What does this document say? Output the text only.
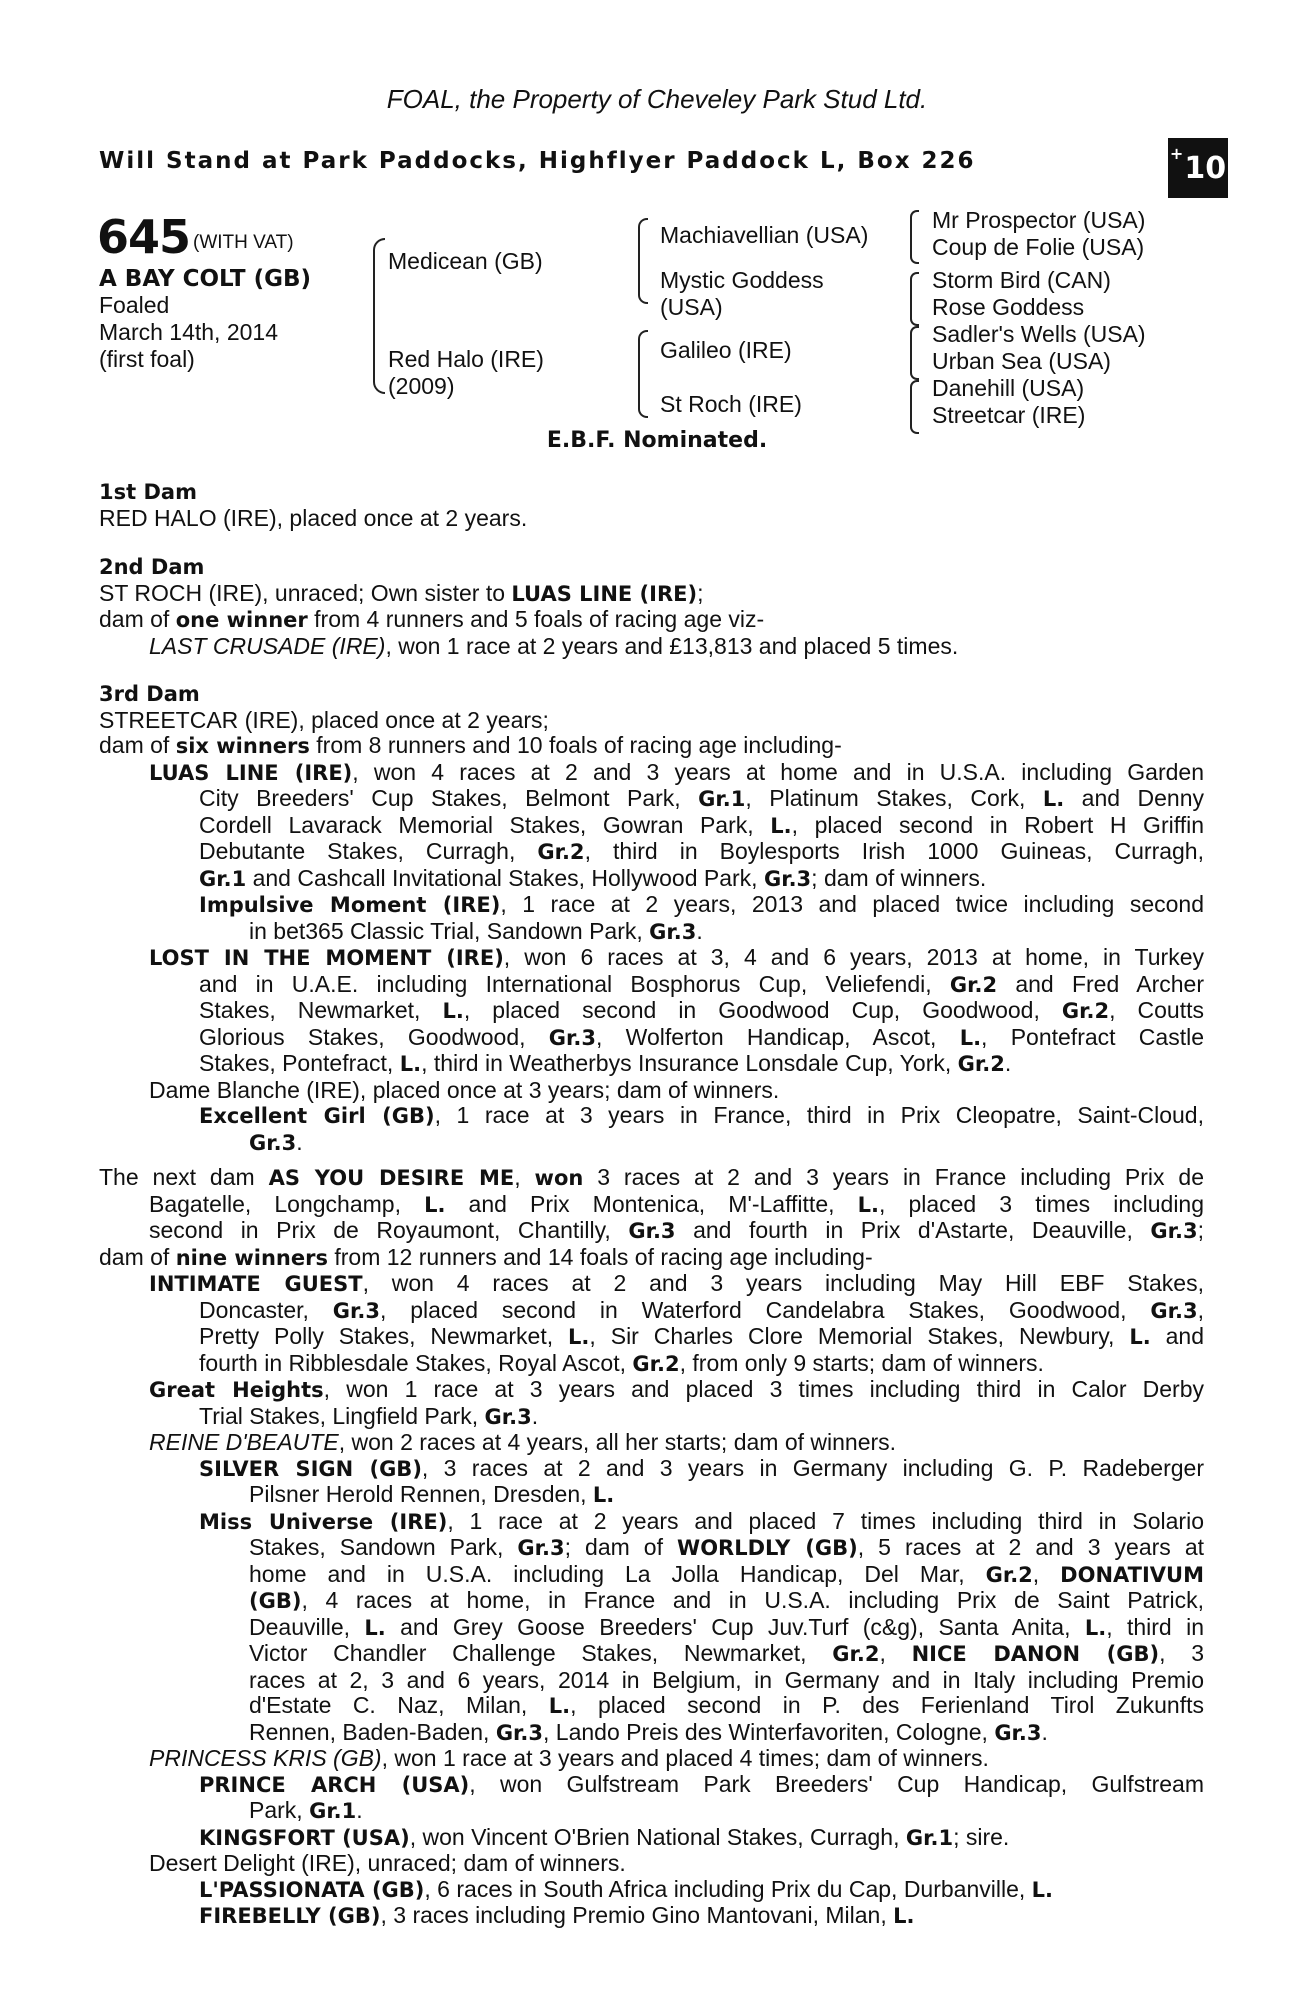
FOAL, the Property of Cheveley Park Stud Ltd.
Will Stand at Park Paddocks, Highflyer Paddock L, Box 226	+ 10
645 (WITH VAT)
A BAY COLT (GB)
Foaled
March 14th, 2014
(first foal)
Medicean (GB)
Red Halo (IRE)
(2009)
Machiavellian (USA)
Mystic Goddess
(USA)
Galileo (IRE)
St Roch (IRE)
Mr Prospector (USA)
Coup de Folie (USA)
Storm Bird (CAN)
Rose Goddess
Sadler's Wells (USA)
Urban Sea (USA)
Danehill (USA)
Streetcar (IRE)
E.B.F. Nominated.
1st Dam
RED HALO (IRE), placed once at 2 years.
2nd Dam
ST ROCH (IRE), unraced; Own sister to LUAS LINE (IRE);
dam of one winner from 4 runners and 5 foals of racing age viz-
LAST CRUSADE (IRE), won 1 race at 2 years and £13,813 and placed 5 times.
3rd Dam
STREETCAR (IRE), placed once at 2 years;
dam of six winners from 8 runners and 10 foals of racing age including-
LUAS LINE (IRE), won 4 races at 2 and 3 years at home and in U.S.A. including Garden
City Breeders' Cup Stakes, Belmont Park, Gr.1, Platinum Stakes, Cork, L. and Denny
Cordell Lavarack Memorial Stakes, Gowran Park, L., placed second in Robert H Griffin
Debutante Stakes, Curragh, Gr.2, third in Boylesports Irish 1000 Guineas, Curragh,
Gr.1 and Cashcall Invitational Stakes, Hollywood Park, Gr.3; dam of winners.
Impulsive Moment (IRE), 1 race at 2 years, 2013 and placed twice including second
in bet365 Classic Trial, Sandown Park, Gr.3.
LOST IN THE MOMENT (IRE), won 6 races at 3, 4 and 6 years, 2013 at home, in Turkey
and in U.A.E. including International Bosphorus Cup, Veliefendi, Gr.2 and Fred Archer
Stakes, Newmarket, L., placed second in Goodwood Cup, Goodwood, Gr.2, Coutts
Glorious Stakes, Goodwood, Gr.3, Wolferton Handicap, Ascot, L., Pontefract Castle
Stakes, Pontefract, L., third in Weatherbys Insurance Lonsdale Cup, York, Gr.2.
Dame Blanche (IRE), placed once at 3 years; dam of winners.
Excellent Girl (GB), 1 race at 3 years in France, third in Prix Cleopatre, Saint-Cloud,
Gr.3.
The next dam AS YOU DESIRE ME, won 3 races at 2 and 3 years in France including Prix de
Bagatelle, Longchamp, L. and Prix Montenica, M'-Laffitte, L., placed 3 times including
second in Prix de Royaumont, Chantilly, Gr.3 and fourth in Prix d'Astarte, Deauville, Gr.3;
dam of nine winners from 12 runners and 14 foals of racing age including-
INTIMATE GUEST, won 4 races at 2 and 3 years including May Hill EBF Stakes,
Doncaster, Gr.3, placed second in Waterford Candelabra Stakes, Goodwood, Gr.3,
Pretty Polly Stakes, Newmarket, L., Sir Charles Clore Memorial Stakes, Newbury, L. and
fourth in Ribblesdale Stakes, Royal Ascot, Gr.2, from only 9 starts; dam of winners.
Great Heights, won 1 race at 3 years and placed 3 times including third in Calor Derby
Trial Stakes, Lingfield Park, Gr.3.
REINE D'BEAUTE, won 2 races at 4 years, all her starts; dam of winners.
SILVER SIGN (GB), 3 races at 2 and 3 years in Germany including G. P. Radeberger
Pilsner Herold Rennen, Dresden, L.
Miss Universe (IRE), 1 race at 2 years and placed 7 times including third in Solario
Stakes, Sandown Park, Gr.3; dam of WORLDLY (GB), 5 races at 2 and 3 years at
home and in U.S.A. including La Jolla Handicap, Del Mar, Gr.2, DONATIVUM
(GB), 4 races at home, in France and in U.S.A. including Prix de Saint Patrick,
Deauville, L. and Grey Goose Breeders' Cup Juv.Turf (c&g), Santa Anita, L., third in
Victor Chandler Challenge Stakes, Newmarket, Gr.2, NICE DANON (GB), 3
races at 2, 3 and 6 years, 2014 in Belgium, in Germany and in Italy including Premio
d'Estate C. Naz, Milan, L., placed second in P. des Ferienland Tirol Zukunfts
Rennen, Baden-Baden, Gr.3, Lando Preis des Winterfavoriten, Cologne, Gr.3.
PRINCESS KRIS (GB), won 1 race at 3 years and placed 4 times; dam of winners.
PRINCE ARCH (USA), won Gulfstream Park Breeders' Cup Handicap, Gulfstream
Park, Gr.1.
KINGSFORT (USA), won Vincent O'Brien National Stakes, Curragh, Gr.1; sire.
Desert Delight (IRE), unraced; dam of winners.
L'PASSIONATA (GB), 6 races in South Africa including Prix du Cap, Durbanville, L.
FIREBELLY (GB), 3 races including Premio Gino Mantovani, Milan, L.
